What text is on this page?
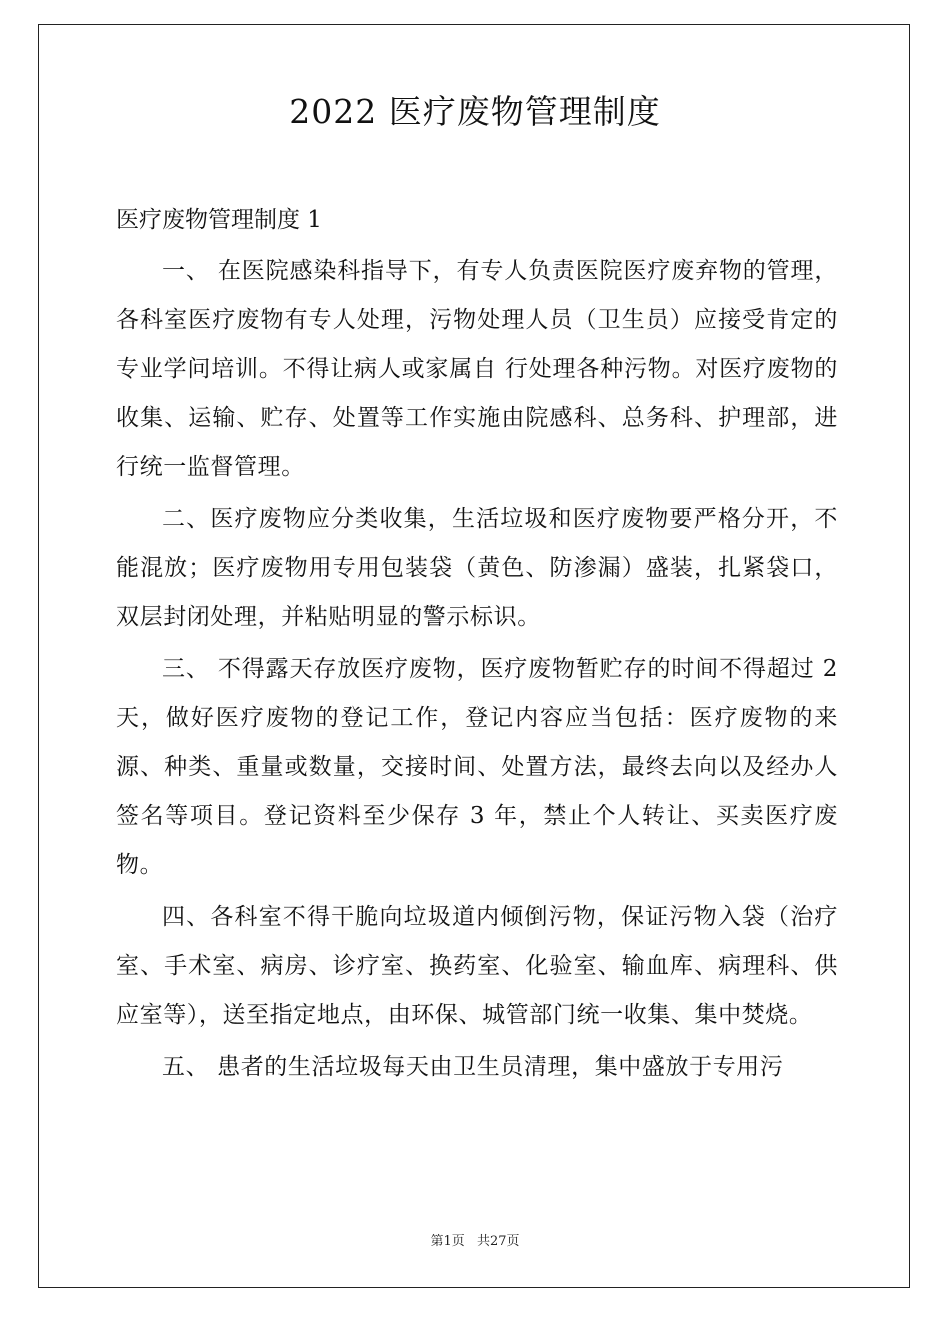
2022 医疗废物管理制度

医疗废物管理制度 1

一、 在医院感染科指导下，有专人负责医院医疗废弃物的管理，各科室医疗废物有专人处理，污物处理人员（卫生员）应接受肯定的专业学问培训。不得让病人或家属自 行处理各种污物。对医疗废物的收集、运输、贮存、处置等工作实施由院感科、总务科、护理部，进行统一监督管理。

二、医疗废物应分类收集，生活垃圾和医疗废物要严格分开，不能混放；医疗废物用专用包装袋（黄色、防渗漏）盛装，扎紧袋口，双层封闭处理，并粘贴明显的警示标识。

三、 不得露天存放医疗废物，医疗废物暂贮存的时间不得超过 2 天，做好医疗废物的登记工作，登记内容应当包括：医疗废物的来源、种类、重量或数量，交接时间、处置方法，最终去向以及经办人签名等项目。登记资料至少保存 3 年，禁止个人转让、买卖医疗废物。

四、各科室不得干脆向垃圾道内倾倒污物，保证污物入袋（治疗室、手术室、病房、诊疗室、换药室、化验室、输血库、病理科、供应室等），送至指定地点，由环保、城管部门统一收集、集中焚烧。

五、 患者的生活垃圾每天由卫生员清理，集中盛放于专用污

第1页 共27页
